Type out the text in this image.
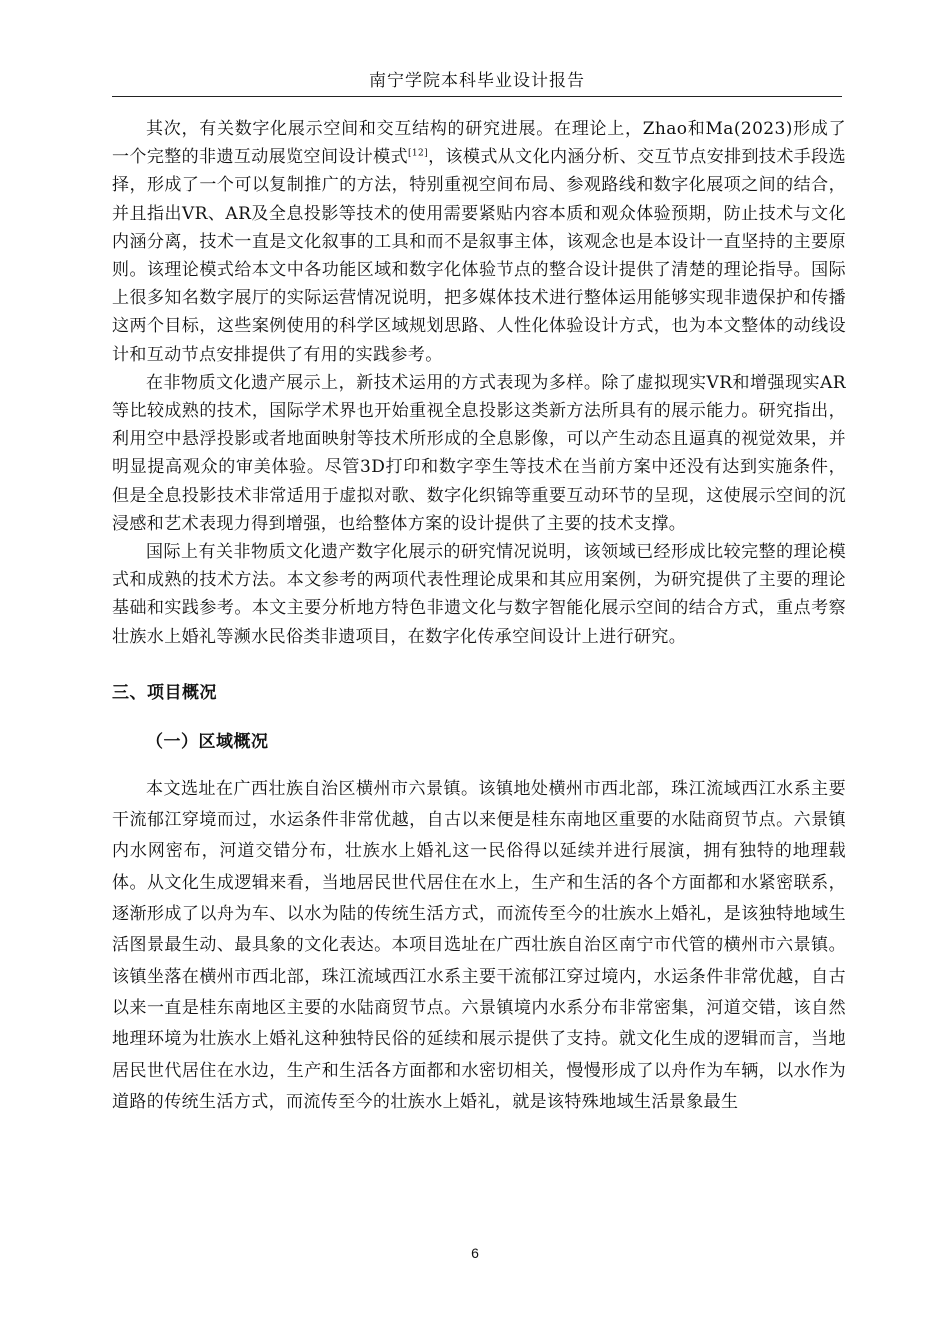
南宁学院本科毕业设计报告

其次，有关数字化展示空间和交互结构的研究进展。在理论上，Zhao和Ma(2023)形成了一个完整的非遗互动展览空间设计模式[12]，该模式从文化内涵分析、交互节点安排到技术手段选择，形成了一个可以复制推广的方法，特别重视空间布局、参观路线和数字化展项之间的结合，并且指出VR、AR及全息投影等技术的使用需要紧贴内容本质和观众体验预期，防止技术与文化内涵分离，技术一直是文化叙事的工具和而不是叙事主体，该观念也是本设计一直坚持的主要原则。该理论模式给本文中各功能区域和数字化体验节点的整合设计提供了清楚的理论指导。国际上很多知名数字展厅的实际运营情况说明，把多媒体技术进行整体运用能够实现非遗保护和传播这两个目标，这些案例使用的科学区域规划思路、人性化体验设计方式，也为本文整体的动线设计和互动节点安排提供了有用的实践参考。

在非物质文化遗产展示上，新技术运用的方式表现为多样。除了虚拟现实VR和增强现实AR等比较成熟的技术，国际学术界也开始重视全息投影这类新方法所具有的展示能力。研究指出，利用空中悬浮投影或者地面映射等技术所形成的全息影像，可以产生动态且逼真的视觉效果，并明显提高观众的审美体验。尽管3D打印和数字孪生等技术在当前方案中还没有达到实施条件，但是全息投影技术非常适用于虚拟对歌、数字化织锦等重要互动环节的呈现，这使展示空间的沉浸感和艺术表现力得到增强，也给整体方案的设计提供了主要的技术支撑。

国际上有关非物质文化遗产数字化展示的研究情况说明，该领域已经形成比较完整的理论模式和成熟的技术方法。本文参考的两项代表性理论成果和其应用案例，为研究提供了主要的理论基础和实践参考。本文主要分析地方特色非遗文化与数字智能化展示空间的结合方式，重点考察壮族水上婚礼等濒水民俗类非遗项目，在数字化传承空间设计上进行研究。

三、项目概况
（一）区域概况

本文选址在广西壮族自治区横州市六景镇。该镇地处横州市西北部，珠江流域西江水系主要干流郁江穿境而过，水运条件非常优越，自古以来便是桂东南地区重要的水陆商贸节点。六景镇内水网密布，河道交错分布，壮族水上婚礼这一民俗得以延续并进行展演，拥有独特的地理载体。从文化生成逻辑来看，当地居民世代居住在水上，生产和生活的各个方面都和水紧密联系，逐渐形成了以舟为车、以水为陆的传统生活方式，而流传至今的壮族水上婚礼，是该独特地域生活图景最生动、最具象的文化表达。本项目选址在广西壮族自治区南宁市代管的横州市六景镇。该镇坐落在横州市西北部，珠江流域西江水系主要干流郁江穿过境内，水运条件非常优越，自古以来一直是桂东南地区主要的水陆商贸节点。六景镇境内水系分布非常密集，河道交错，该自然地理环境为壮族水上婚礼这种独特民俗的延续和展示提供了支持。就文化生成的逻辑而言，当地居民世代居住在水边，生产和生活各方面都和水密切相关，慢慢形成了以舟作为车辆，以水作为道路的传统生活方式，而流传至今的壮族水上婚礼，就是该特殊地域生活景象最生

6
